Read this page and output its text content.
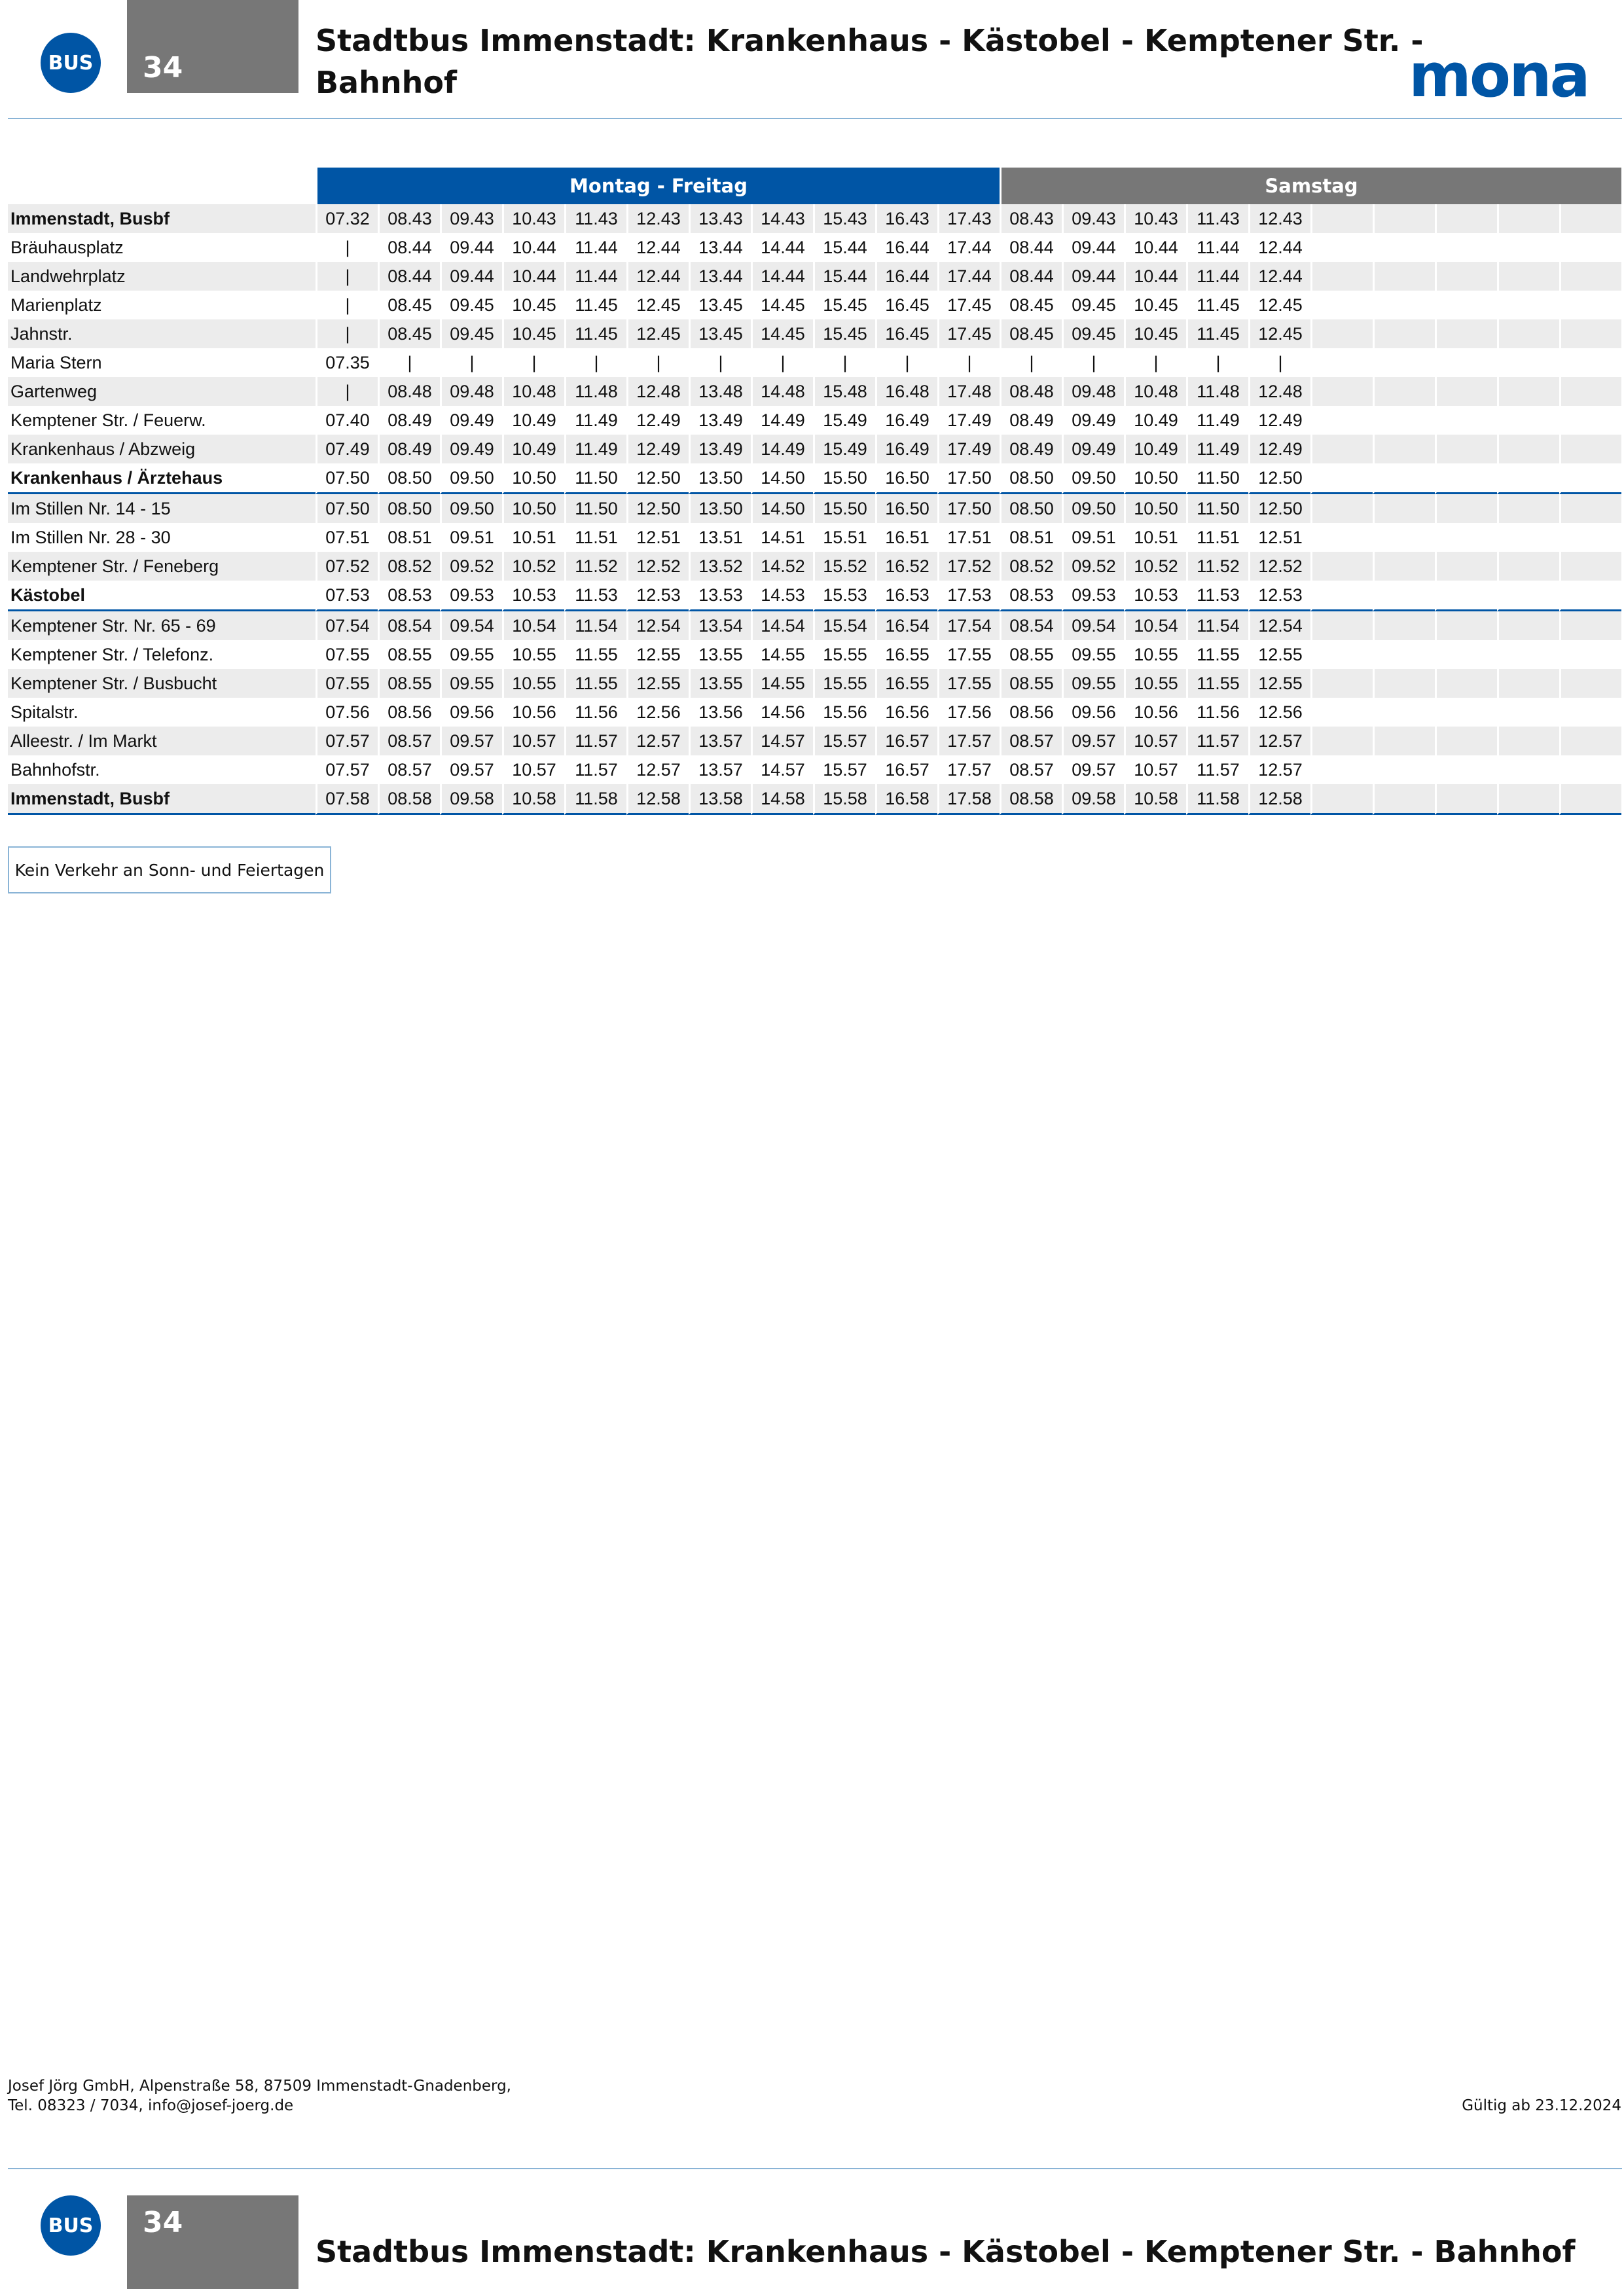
BUS	34
Stadtbus Immenstadt: Krankenhaus - Kästobel - Kemptener Str. -
Bahnhof	mona
	Montag - Freitag											Samstag									
Immenstadt, Busbf	07.32	08.43	09.43	10.43	11.43	12.43	13.43	14.43	15.43	16.43	17.43	08.43	09.43	10.43	11.43	12.43					
Bräuhausplatz	|	08.44	09.44	10.44	11.44	12.44	13.44	14.44	15.44	16.44	17.44	08.44	09.44	10.44	11.44	12.44					
Landwehrplatz	|	08.44	09.44	10.44	11.44	12.44	13.44	14.44	15.44	16.44	17.44	08.44	09.44	10.44	11.44	12.44					
Marienplatz	|	08.45	09.45	10.45	11.45	12.45	13.45	14.45	15.45	16.45	17.45	08.45	09.45	10.45	11.45	12.45					
Jahnstr.	|	08.45	09.45	10.45	11.45	12.45	13.45	14.45	15.45	16.45	17.45	08.45	09.45	10.45	11.45	12.45					
Maria Stern	07.35	|	|	|	|	|	|	|	|	|	|	|	|	|	|	|					
Gartenweg	|	08.48	09.48	10.48	11.48	12.48	13.48	14.48	15.48	16.48	17.48	08.48	09.48	10.48	11.48	12.48					
Kemptener Str. / Feuerw.	07.40	08.49	09.49	10.49	11.49	12.49	13.49	14.49	15.49	16.49	17.49	08.49	09.49	10.49	11.49	12.49					
Krankenhaus / Abzweig	07.49	08.49	09.49	10.49	11.49	12.49	13.49	14.49	15.49	16.49	17.49	08.49	09.49	10.49	11.49	12.49					
Krankenhaus / Ärztehaus	07.50	08.50	09.50	10.50	11.50	12.50	13.50	14.50	15.50	16.50	17.50	08.50	09.50	10.50	11.50	12.50					
Im Stillen Nr. 14 - 15	07.50	08.50	09.50	10.50	11.50	12.50	13.50	14.50	15.50	16.50	17.50	08.50	09.50	10.50	11.50	12.50					
Im Stillen Nr. 28 - 30	07.51	08.51	09.51	10.51	11.51	12.51	13.51	14.51	15.51	16.51	17.51	08.51	09.51	10.51	11.51	12.51					
Kemptener Str. / Feneberg	07.52	08.52	09.52	10.52	11.52	12.52	13.52	14.52	15.52	16.52	17.52	08.52	09.52	10.52	11.52	12.52					
Kästobel	07.53	08.53	09.53	10.53	11.53	12.53	13.53	14.53	15.53	16.53	17.53	08.53	09.53	10.53	11.53	12.53					
Kemptener Str. Nr. 65 - 69	07.54	08.54	09.54	10.54	11.54	12.54	13.54	14.54	15.54	16.54	17.54	08.54	09.54	10.54	11.54	12.54					
Kemptener Str. / Telefonz.	07.55	08.55	09.55	10.55	11.55	12.55	13.55	14.55	15.55	16.55	17.55	08.55	09.55	10.55	11.55	12.55					
Kemptener Str. / Busbucht	07.55	08.55	09.55	10.55	11.55	12.55	13.55	14.55	15.55	16.55	17.55	08.55	09.55	10.55	11.55	12.55					
Spitalstr.	07.56	08.56	09.56	10.56	11.56	12.56	13.56	14.56	15.56	16.56	17.56	08.56	09.56	10.56	11.56	12.56					
Alleestr. / Im Markt	07.57	08.57	09.57	10.57	11.57	12.57	13.57	14.57	15.57	16.57	17.57	08.57	09.57	10.57	11.57	12.57					
Bahnhofstr.	07.57	08.57	09.57	10.57	11.57	12.57	13.57	14.57	15.57	16.57	17.57	08.57	09.57	10.57	11.57	12.57					
Immenstadt, Busbf	07.58	08.58	09.58	10.58	11.58	12.58	13.58	14.58	15.58	16.58	17.58	08.58	09.58	10.58	11.58	12.58					
Kein Verkehr an Sonn- und Feiertagen
Josef Jörg GmbH, Alpenstraße 58, 87509 Immenstadt-Gnadenberg,
Tel. 08323 / 7034, info@josef-joerg.de	Gültig ab 23.12.2024
BUS	34
Stadtbus Immenstadt: Krankenhaus - Kästobel - Kemptener Str. - Bahnhof
